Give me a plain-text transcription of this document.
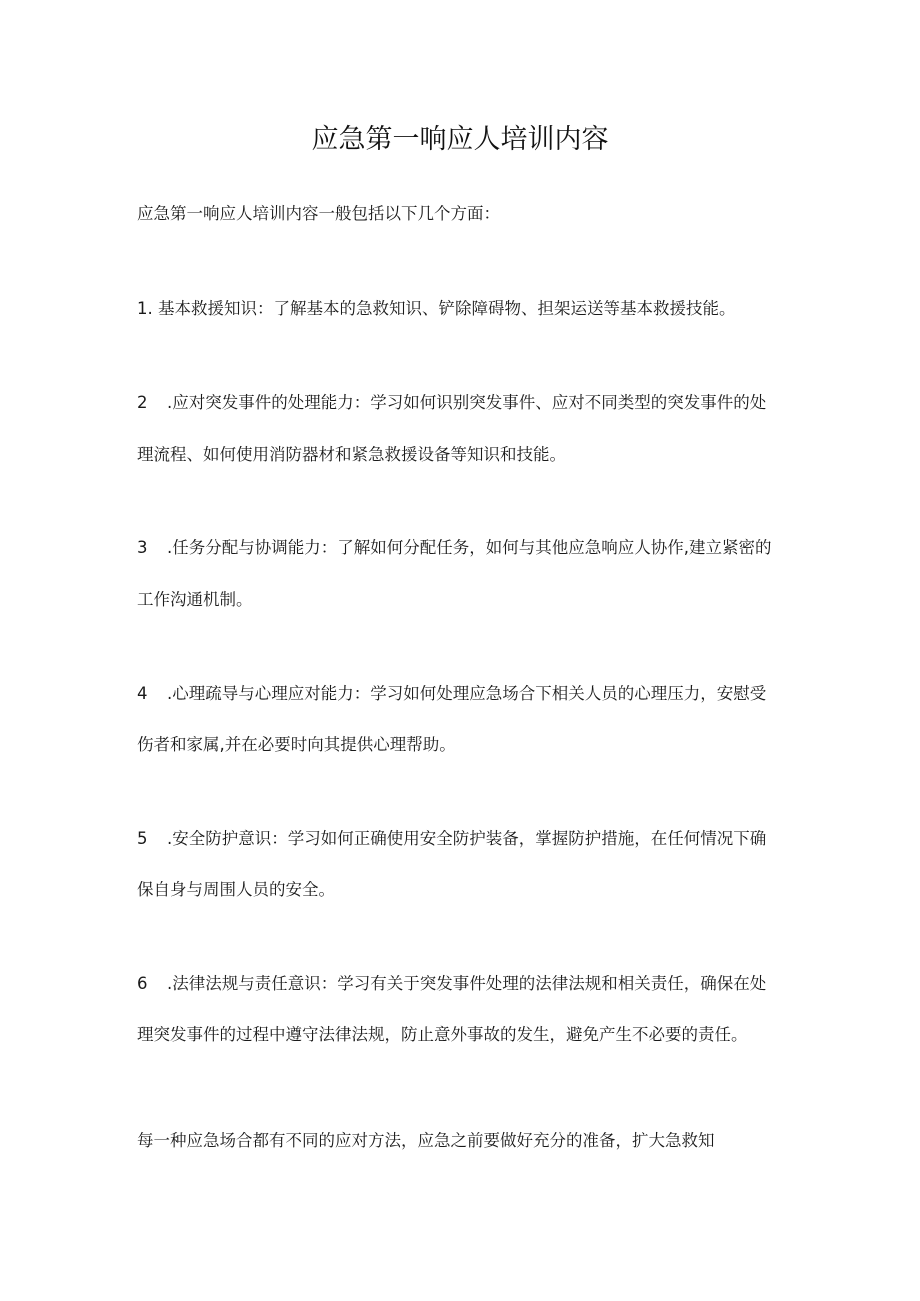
应急第一响应人培训内容

应急第一响应人培训内容一般包括以下几个方面：

1. 基本救援知识：了解基本的急救知识、铲除障碍物、担架运送等基本救援技能。

2 .应对突发事件的处理能力：学习如何识别突发事件、应对不同类型的突发事件的处

理流程、如何使用消防器材和紧急救援设备等知识和技能。

3 .任务分配与协调能力：了解如何分配任务，如何与其他应急响应人协作,建立紧密的

工作沟通机制。

4 .心理疏导与心理应对能力：学习如何处理应急场合下相关人员的心理压力，安慰受

伤者和家属,并在必要时向其提供心理帮助。

5 .安全防护意识：学习如何正确使用安全防护装备，掌握防护措施，在任何情况下确

保自身与周围人员的安全。

6 .法律法规与责任意识：学习有关于突发事件处理的法律法规和相关责任，确保在处

理突发事件的过程中遵守法律法规，防止意外事故的发生，避免产生不必要的责任。

每一种应急场合都有不同的应对方法，应急之前要做好充分的准备，扩大急救知
